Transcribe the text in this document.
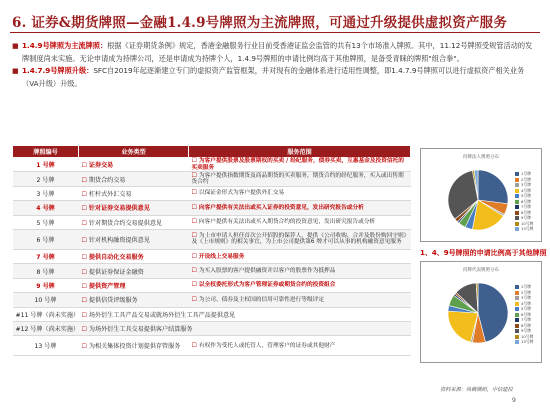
6. 证券&期货牌照—金融1.4.9号牌照为主流牌照，可通过升级提供虚拟资产服务
■ 1.4.9号牌照为主流牌照：根据《证券期货条例》规定，香港金融服务行业目前受香港证监会监管的共有13个市场准入牌照。其中，11.12号牌照受规管活动的发牌制度尚未实施。无论申请成为持牌公司，还是申请成为持牌个人，1.4.9号牌照的申请比例均高于其他牌照，是备受青睐的牌照"组合拳"。
■ 1.4.7.9号牌照升级：SFC自2019年起逐渐建立专门的虚拟资产监管框架，并对现有的金融体系进行适用性调整，即1.4.7.9号牌照可以进行虚拟资产相关业务（VA升级）升级。
牌照编号	业务类型	服务范围
1 号牌	☐ 证券交易	☐ 为客户提供股票及股票期权的买卖 / 经纪服务，债券买卖，互惠基金及投资信托的买卖服务
2 号牌	☐ 期货合约交易	☐ 为客户提供指数期货及商品期货的买卖服务，期货合约的经纪服务，买入或出售期货合约
3 号牌	☐ 杠杆式外汇交易	☐ 以保证金形式为客户提供外汇交易
4 号牌	☐ 针对证券交易提供意见	☐ 向客户提供有关法出或买入证券的投资意见，发出研究报告或分析
5 号牌	☐ 针对期货合约交易提供意见	☐ 向客户提供有关法出或买入期货合约的投资意见，发出研究报告或分析
6 号牌	☐ 针对机构融资提供意见	☐ 为上市申请人担任首次公开招股的保荐人，提供《公司收购、合并及股份购回守则》及《上市规则》的相关事宜，为上市公司提供第6 牌才可以从事的机构融资意见服务
7 号牌	☐ 提供自动化交易服务	☐ 开设线上交易服务
8 号牌	☐ 提供证券保证金融资	☐ 为买入股票的客户提供融资并以客户的股票作为抵押品
9 号牌	☐ 提供资产管理	☐ 以全权委托形式为客户管理证券或期货合约的投资组合
10 号牌	☐ 提供信贷评级服务	☐ 为公司、债券及主权国的信用可靠性进行等级评定
#11 号牌（尚未实施）	☐ 场外衍生工具产品交易或就场外衍生工具产品提供意见	
#12 号牌（尚未实施）	☐ 为场外衍生工具交易提供客户结算服务	
13 号牌	☐ 为相关集体投资计划提供存管服务	☐ 有权作为受托人或托管人，管理客户的证券或其他财产
持牌法人牌照分布
1号牌
2号牌
3号牌
4号牌
5号牌
6号牌
7号牌
8号牌
9号牌
10号牌
13号牌
1、4、9号牌照的申请比例高于其他牌照
持牌代表牌照分布
1号牌
2号牌
3号牌
4号牌
5号牌
6号牌
7号牌
8号牌
9号牌
10号牌
13号牌
资料来源：纵横牌照，中信建投
9
